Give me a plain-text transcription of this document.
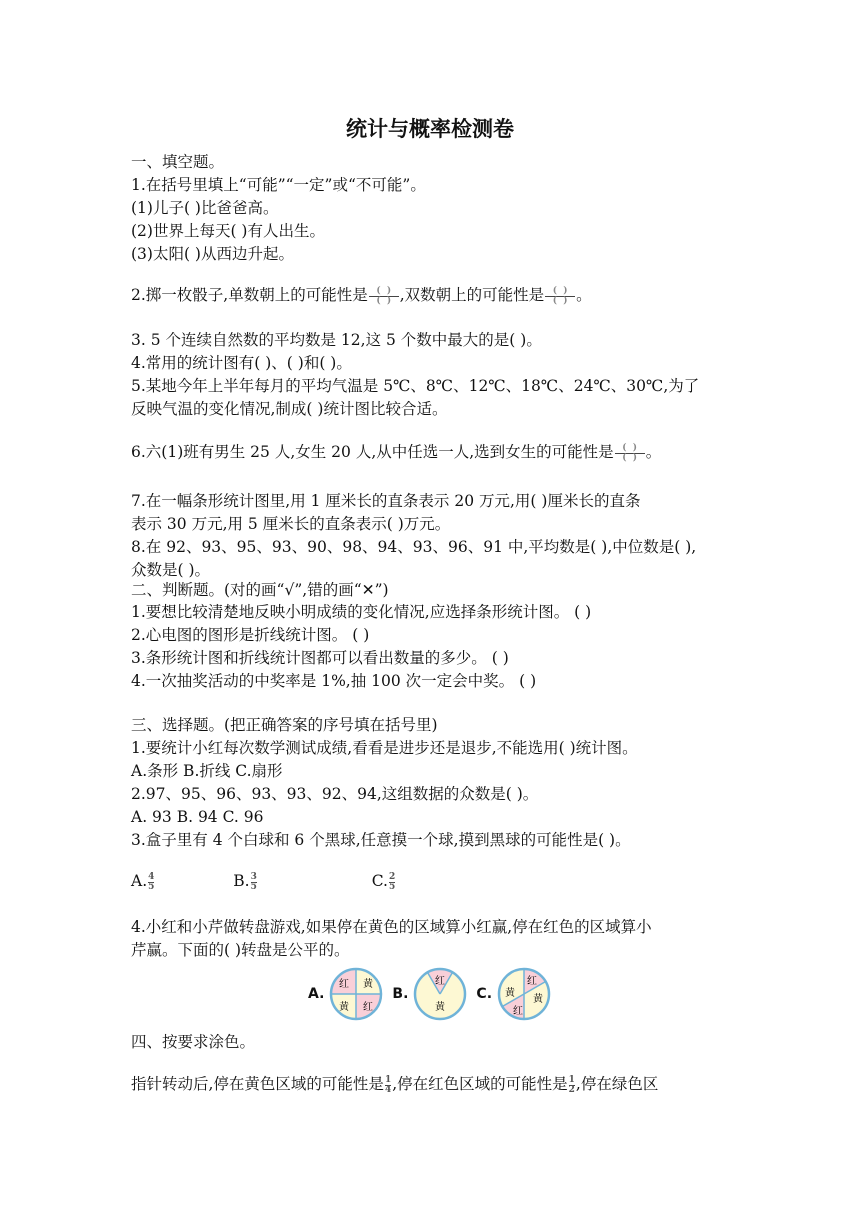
统计与概率检测卷
一、填空题。
1.在括号里填上“可能”“一定”或“不可能”。
(1)儿子( )比爸爸高。
(2)世界上每天( )有人出生。
(3)太阳( )从西边升起。
2.掷一枚骰子,单数朝上的可能性是 $\frac{( )}{( )}$ ,双数朝上的可能性是 $\frac{( )}{( )}$ 。
3. 5 个连续自然数的平均数是 12,这 5 个数中最大的是( )。
4.常用的统计图有( )、( )和( )。
5.某地今年上半年每月的平均气温是 5℃、8℃、12℃、18℃、24℃、30℃,为了
反映气温的变化情况,制成( )统计图比较合适。
6.六(1)班有男生 25 人,女生 20 人,从中任选一人,选到女生的可能性是 $\frac{( )}{( )}$ 。
7.在一幅条形统计图里,用 1 厘米长的直条表示 20 万元,用( )厘米长的直条
表示 30 万元,用 5 厘米长的直条表示( )万元。
8.在 92、93、95、93、90、98、94、93、96、91 中,平均数是( ),中位数是( ),
众数是( )。
二、判断题。(对的画“√”,错的画“✕”)
1.要想比较清楚地反映小明成绩的变化情况,应选择条形统计图。 ( )
2.心电图的图形是折线统计图。 ( )
3.条形统计图和折线统计图都可以看出数量的多少。 ( )
4.一次抽奖活动的中奖率是 1%,抽 100 次一定会中奖。 ( )
三、选择题。(把正确答案的序号填在括号里)
1.要统计小红每次数学测试成绩,看看是进步还是退步,不能选用( )统计图。
A.条形 B.折线 C.扇形
2.97、95、96、93、93、92、94,这组数据的众数是( )。
A. 93 B. 94 C. 96
3.盒子里有 4 个白球和 6 个黑球,任意摸一个球,摸到黑球的可能性是( )。
A. $\frac{4}{5}$	B. $\frac{3}{5}$	C. $\frac{2}{5}$
4.小红和小芹做转盘游戏,如果停在黄色的区域算小红赢,停在红色的区域算小
芹赢。下面的( )转盘是公平的。
A.
红 黄
黄 红
B.
红
黄
C.
红
黄
黄
红
四、按要求涂色。
指针转动后,停在黄色区域的可能性是 $\frac{1}{4}$ ,停在红色区域的可能性是 $\frac{1}{2}$ ,停在绿色区
